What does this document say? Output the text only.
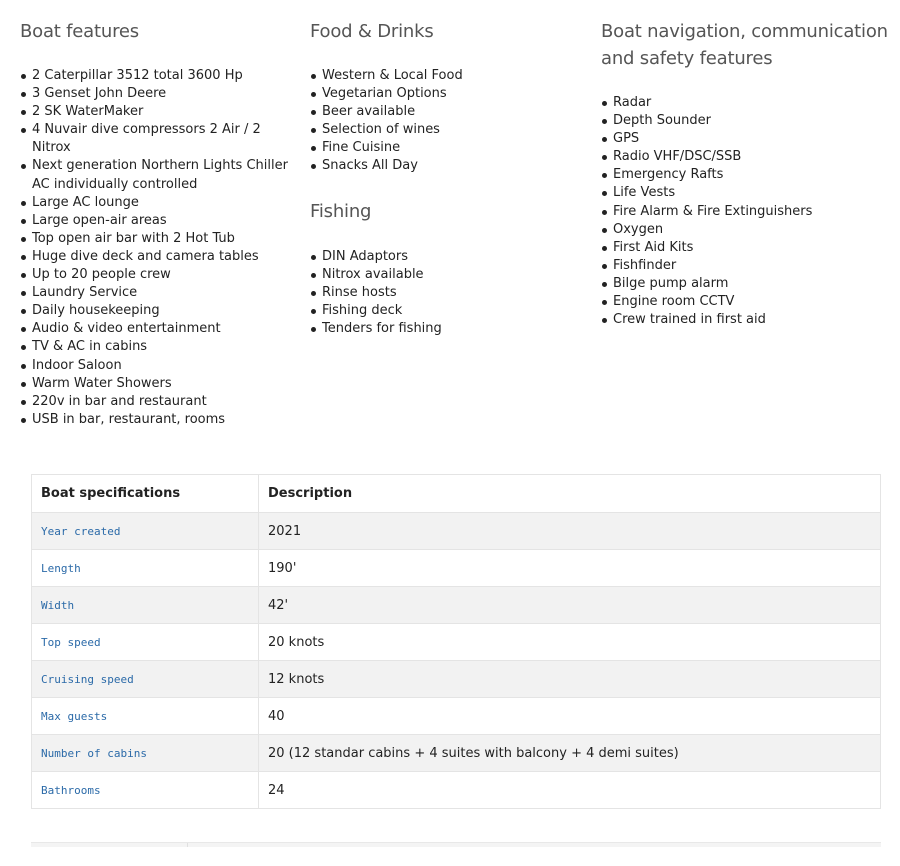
Boat features
2 Caterpillar 3512 total 3600 Hp
3 Genset John Deere
2 SK WaterMaker
4 Nuvair dive compressors 2 Air / 2 Nitrox
Next generation Northern Lights Chiller AC individually controlled
Large AC lounge
Large open-air areas
Top open air bar with 2 Hot Tub
Huge dive deck and camera tables
Up to 20 people crew
Laundry Service
Daily housekeeping
Audio & video entertainment
TV & AC in cabins
Indoor Saloon
Warm Water Showers
220v in bar and restaurant
USB in bar, restaurant, rooms
Food & Drinks
Western & Local Food
Vegetarian Options
Beer available
Selection of wines
Fine Cuisine
Snacks All Day
Fishing
DIN Adaptors
Nitrox available
Rinse hosts
Fishing deck
Tenders for fishing
Boat navigation, communication and safety features
Radar
Depth Sounder
GPS
Radio VHF/DSC/SSB
Emergency Rafts
Life Vests
Fire Alarm & Fire Extinguishers
Oxygen
First Aid Kits
Fishfinder
Bilge pump alarm
Engine room CCTV
Crew trained in first aid
Boat specifications	Description
Year created	2021
Length	190'
Width	42'
Top speed	20 knots
Cruising speed	12 knots
Max guests	40
Number of cabins	20 (12 standar cabins + 4 suites with balcony + 4 demi suites)
Bathrooms	24
